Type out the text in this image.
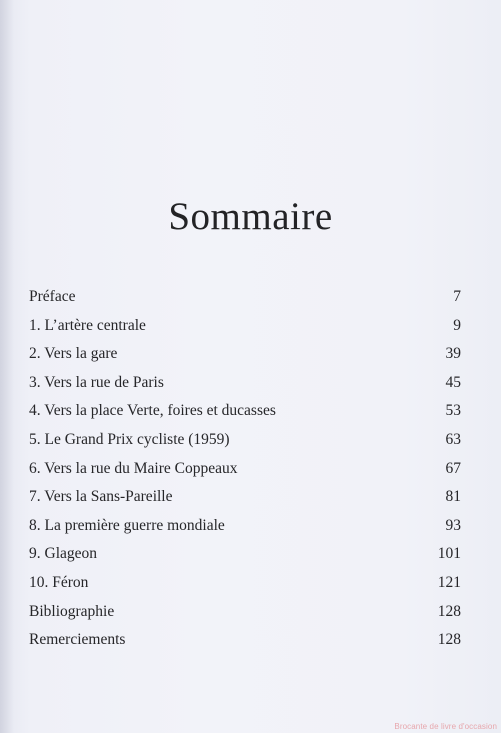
Sommaire
Préface	7
1. L’artère centrale	9
2. Vers la gare	39
3. Vers la rue de Paris	45
4. Vers la place Verte, foires et ducasses	53
5. Le Grand Prix cycliste (1959)	63
6. Vers la rue du Maire Coppeaux	67
7. Vers la Sans-Pareille	81
8. La première guerre mondiale	93
9. Glageon	101
10. Féron	121
Bibliographie	128
Remerciements	128
Brocante de livre d'occasion
